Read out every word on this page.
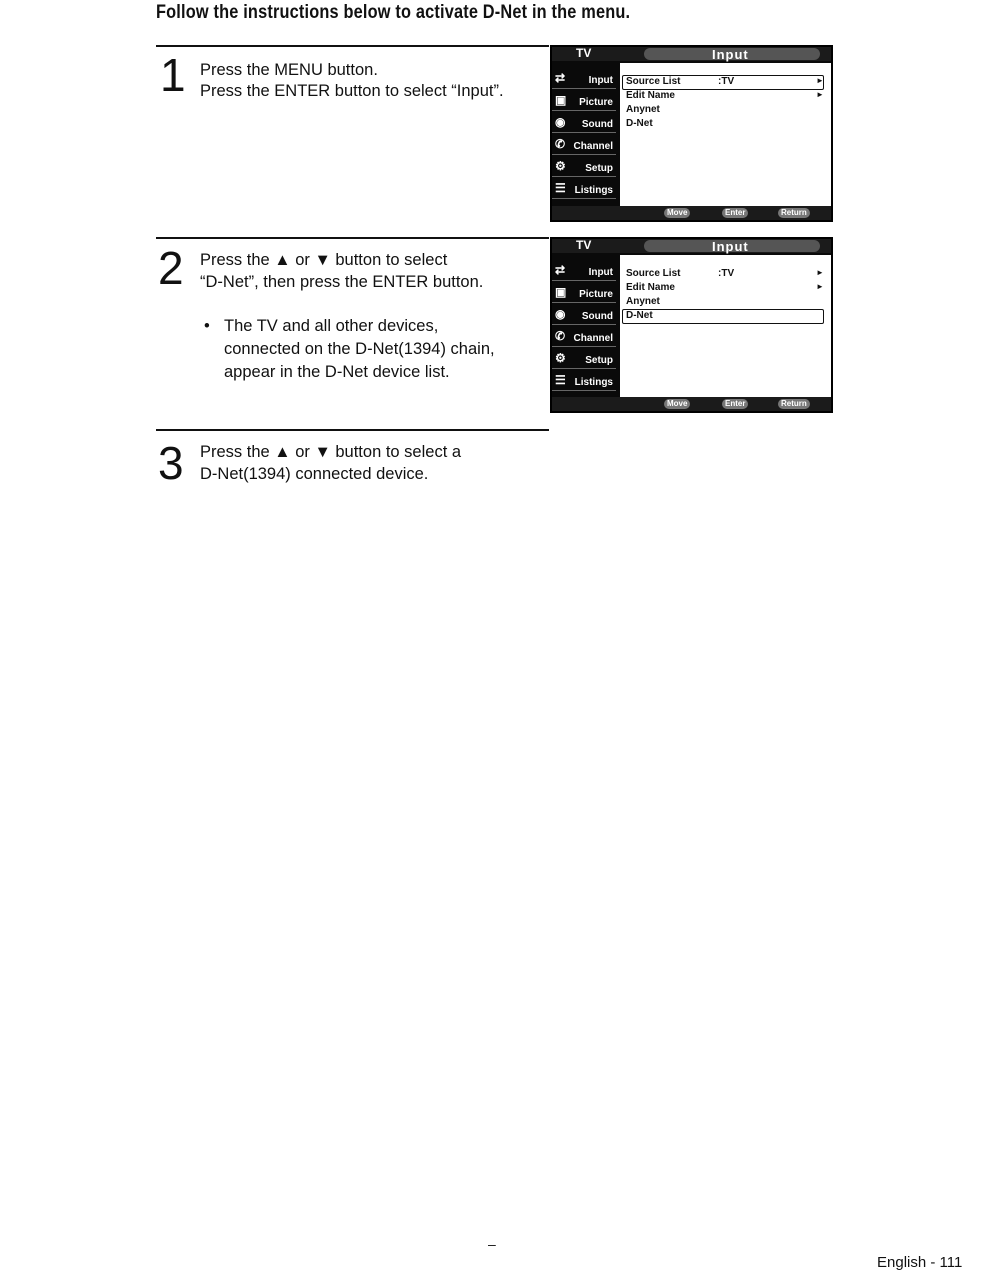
Follow the instructions below to activate D-Net in the menu.
1 Press the MENU button.
Press the ENTER button to select “Input”.
TV	Input
⇄ Input
▣ Picture
◉ Sound
✆ Channel
⚙ Setup
☰ Listings
Source List	:TV	►
Edit Name	►
Anynet
D-Net
Move	Enter	Return
2 Press the ▲ or ▼ button to select
“D-Net”, then press the ENTER button.
• The TV and all other devices,
connected on the D-Net(1394) chain,
appear in the D-Net device list.
TV	Input
⇄ Input
▣ Picture
◉ Sound
✆ Channel
⚙ Setup
☰ Listings
Source List	:TV	►
Edit Name	►
Anynet
D-Net
Move	Enter	Return
3 Press the ▲ or ▼ button to select a
D-Net(1394) connected device.
–
English - 111
